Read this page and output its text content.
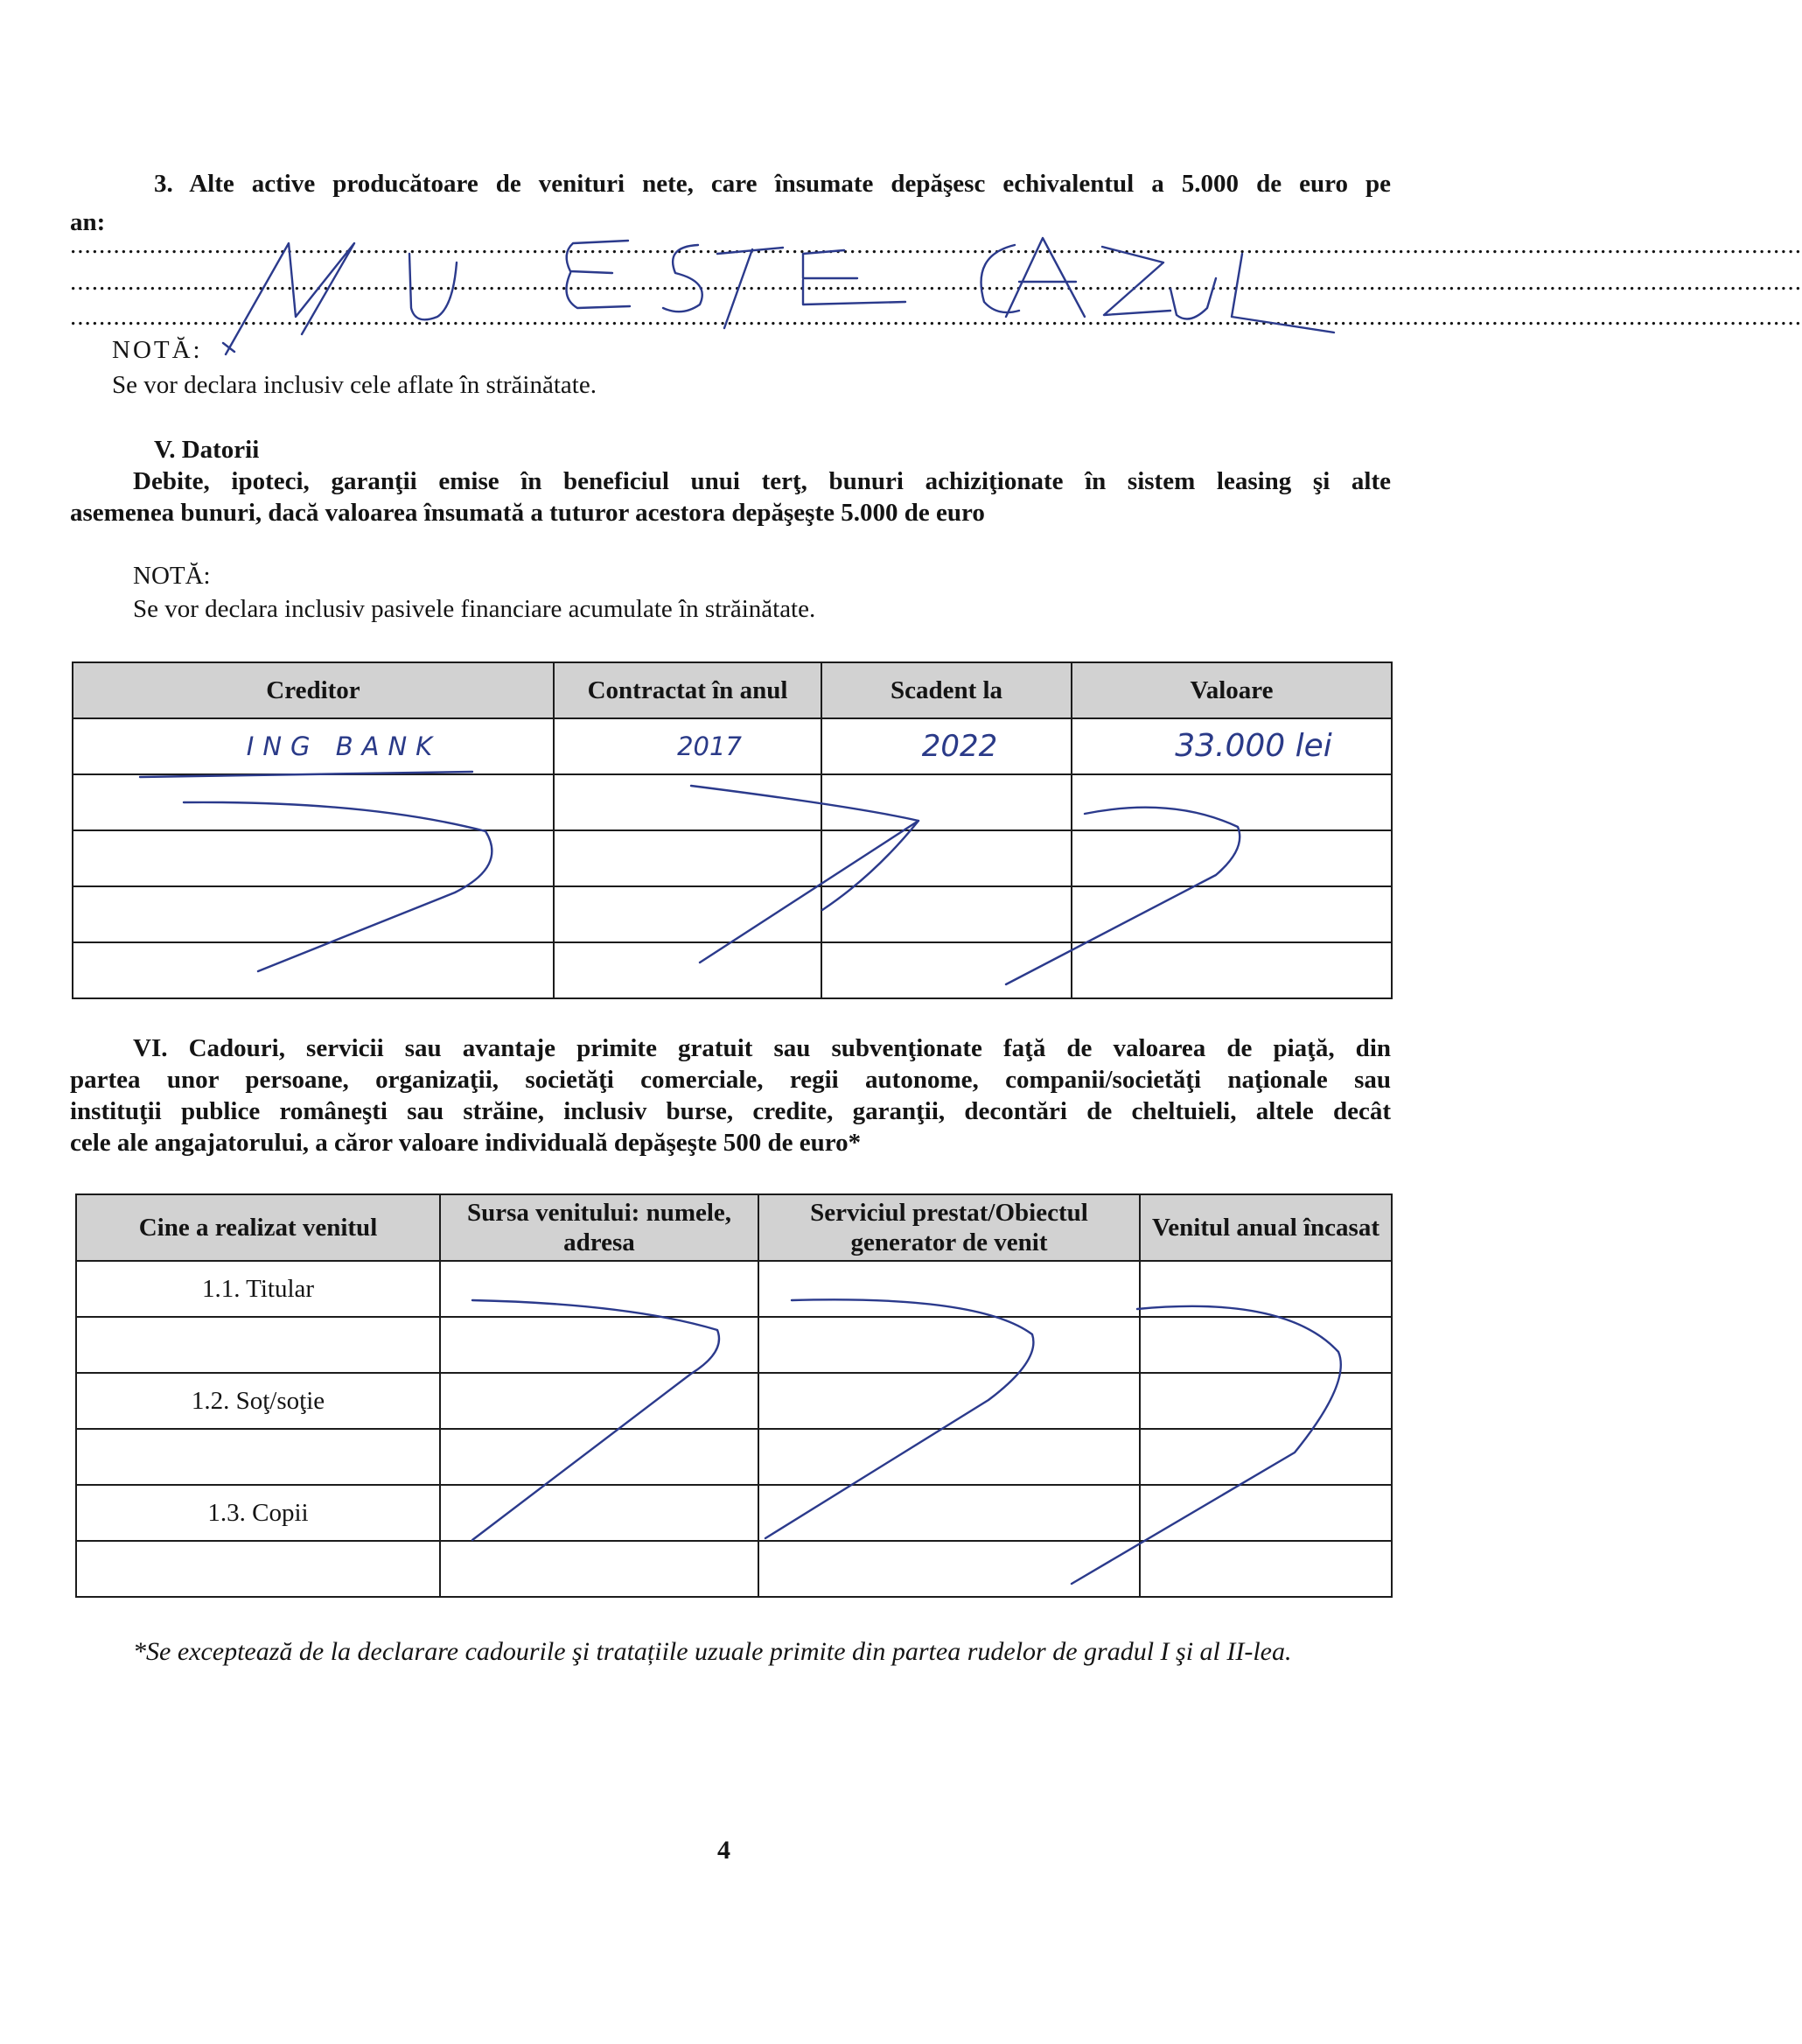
3. Alte active producătoare de venituri nete, care însumate depăşesc echivalentul a 5.000 de euro pe
an:
................................................................................................................................................................................................................................................
................................................................................................................................................................................................................................................
................................................................................................................................................................................................................................................
NOTĂ:
Se vor declara inclusiv cele aflate în străinătate.
V. Datorii
Debite, ipoteci, garanţii emise în beneficiul unui terţ, bunuri achiziţionate în sistem leasing şi alte
asemenea bunuri, dacă valoarea însumată a tuturor acestora depăşeşte 5.000 de euro
NOTĂ:
Se vor declara inclusiv pasivele financiare acumulate în străinătate.
Creditor	Contractat în anul	Scadent la	Valoare
ING BANK	2017	2022	33.000 lei

VI. Cadouri, servicii sau avantaje primite gratuit sau subvenţionate faţă de valoarea de piaţă, din
partea unor persoane, organizaţii, societăţi comerciale, regii autonome, companii/societăţi naţionale sau
instituţii publice româneşti sau străine, inclusiv burse, credite, garanţii, decontări de cheltuieli, altele decât
cele ale angajatorului, a căror valoare individuală depăşeşte 500 de euro*
Cine a realizat venitul	Sursa venitului: numele, adresa	Serviciul prestat/Obiectul generator de venit	Venitul anual încasat
1.1. Titular			

1.2. Soţ/soţie			

1.3. Copii			

*Se exceptează de la declarare cadourile şi tratațiile uzuale primite din partea rudelor de gradul I şi al II-lea.
4
